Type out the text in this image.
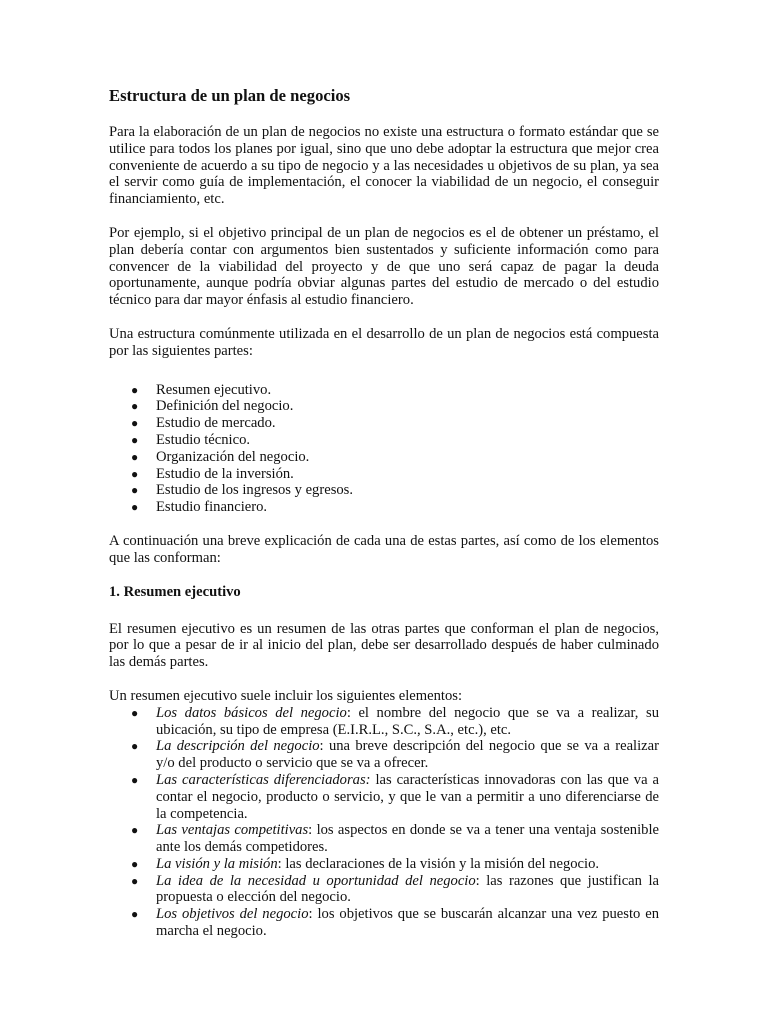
Estructura de un plan de negocios

Para la elaboración de un plan de negocios no existe una estructura o formato estándar que se utilice para todos los planes por igual, sino que uno debe adoptar la estructura que mejor crea conveniente de acuerdo a su tipo de negocio y a las necesidades u objetivos de su plan, ya sea el servir como guía de implementación, el conocer la viabilidad de un negocio, el conseguir financiamiento, etc.

Por ejemplo, si el objetivo principal de un plan de negocios es el de obtener un préstamo, el plan debería contar con argumentos bien sustentados y suficiente información como para convencer de la viabilidad del proyecto y de que uno será capaz de pagar la deuda oportunamente, aunque podría obviar algunas partes del estudio de mercado o del estudio técnico para dar mayor énfasis al estudio financiero.

Una estructura comúnmente utilizada en el desarrollo de un plan de negocios está compuesta por las siguientes partes:

● Resumen ejecutivo.
● Definición del negocio.
● Estudio de mercado.
● Estudio técnico.
● Organización del negocio.
● Estudio de la inversión.
● Estudio de los ingresos y egresos.
● Estudio financiero.

A continuación una breve explicación de cada una de estas partes, así como de los elementos que las conforman:

1. Resumen ejecutivo

El resumen ejecutivo es un resumen de las otras partes que conforman el plan de negocios, por lo que a pesar de ir al inicio del plan, debe ser desarrollado después de haber culminado las demás partes.

Un resumen ejecutivo suele incluir los siguientes elementos:

● Los datos básicos del negocio: el nombre del negocio que se va a realizar, su ubicación, su tipo de empresa (E.I.R.L., S.C., S.A., etc.), etc.
● La descripción del negocio: una breve descripción del negocio que se va a realizar y/o del producto o servicio que se va a ofrecer.
● Las características diferenciadoras: las características innovadoras con las que va a contar el negocio, producto o servicio, y que le van a permitir a uno diferenciarse de la competencia.
● Las ventajas competitivas: los aspectos en donde se va a tener una ventaja sostenible ante los demás competidores.
● La visión y la misión: las declaraciones de la visión y la misión del negocio.
● La idea de la necesidad u oportunidad del negocio: las razones que justifican la propuesta o elección del negocio.
● Los objetivos del negocio: los objetivos que se buscarán alcanzar una vez puesto en marcha el negocio.
